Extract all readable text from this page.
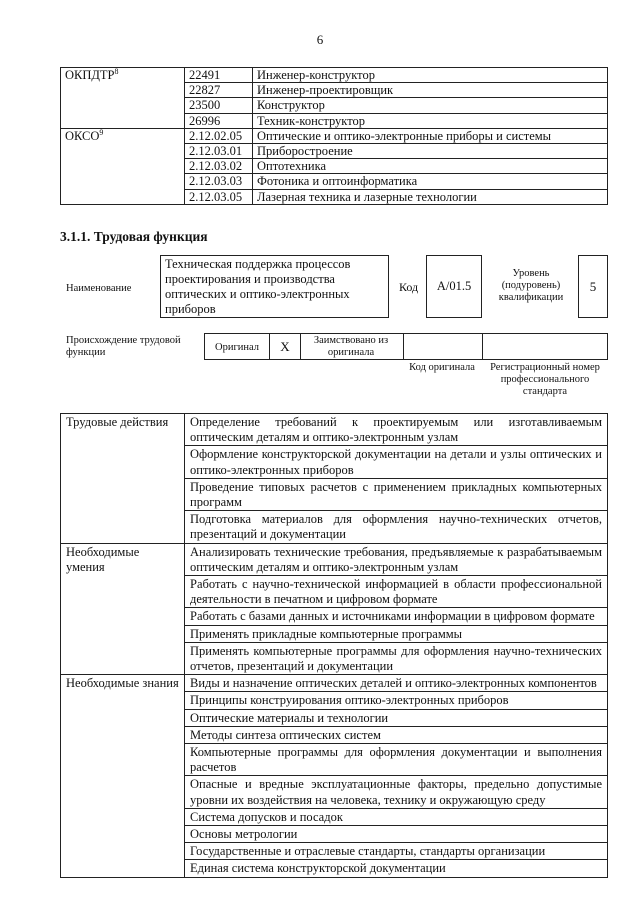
6
ОКПДТР$^8$	22491	Инженер-конструктор
	22827	Инженер-проектировщик
	23500	Конструктор
	26996	Техник-конструктор
ОКСО$^9$	2.12.02.05	Оптические и оптико-электронные приборы и системы
	2.12.03.01	Приборостроение
	2.12.03.02	Оптотехника
	2.12.03.03	Фотоника и оптоинформатика
	2.12.03.05	Лазерная техника и лазерные технологии
3.1.1. Трудовая функция
Наименование
Техническая поддержка процессов проектирования и производства оптических и оптико-электронных приборов
Код	A/01.5
Уровень (подуровень) квалификации
5
Происхождение трудовой функции	Оригинал	X	Заимствовано из оригинала
Код оригинала	Регистрационный номер профессионального стандарта
Трудовые действия	Определение требований к проектируемым или изготавливаемым оптическим деталям и оптико-электронным узлам
	Оформление конструкторской документации на детали и узлы оптических и оптико-электронных приборов
	Проведение типовых расчетов с применением прикладных компьютерных программ
	Подготовка материалов для оформления научно-технических отчетов, презентаций и документации
Необходимые умения	Анализировать технические требования, предъявляемые к разрабатываемым оптическим деталям и оптико-электронным узлам
	Работать с научно-технической информацией в области профессиональной деятельности в печатном и цифровом формате
	Работать с базами данных и источниками информации в цифровом формате
	Применять прикладные компьютерные программы
	Применять компьютерные программы для оформления научно-технических отчетов, презентаций и документации
Необходимые знания	Виды и назначение оптических деталей и оптико-электронных компонентов
	Принципы конструирования оптико-электронных приборов
	Оптические материалы и технологии
	Методы синтеза оптических систем
	Компьютерные программы для оформления документации и выполнения расчетов
	Опасные и вредные эксплуатационные факторы, предельно допустимые уровни их воздействия на человека, технику и окружающую среду
	Система допусков и посадок
	Основы метрологии
	Государственные и отраслевые стандарты, стандарты организации
	Единая система конструкторской документации
